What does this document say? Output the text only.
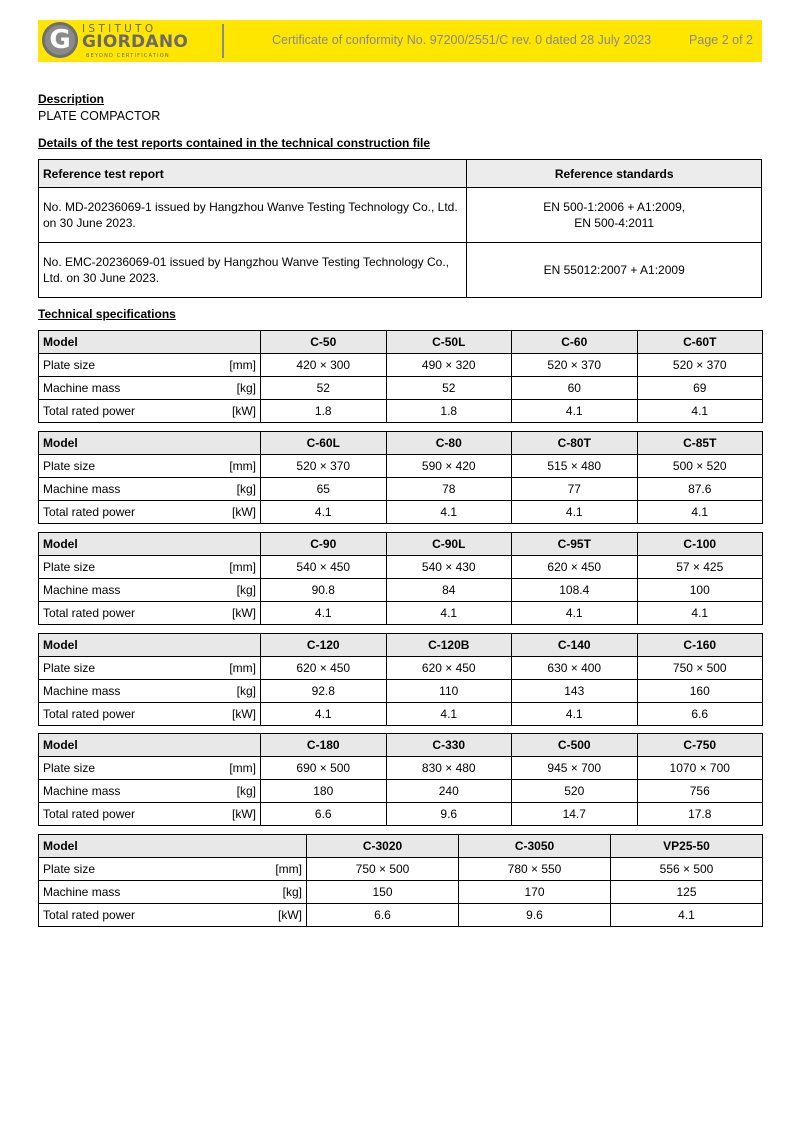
G	ISTITUTO
GIORDANO
BEYOND CERTIFICATION
Certificate of conformity No. 97200/2551/C rev. 0 dated 28 July 2023	Page 2 of 2
Description
PLATE COMPACTOR
Details of the test reports contained in the technical construction file
Reference test report	Reference standards
No. MD-20236069-1 issued by Hangzhou Wanve Testing Technology Co., Ltd.
on 30 June 2023.	EN 500-1:2006 + A1:2009,
EN 500-4:2011
No. EMC-20236069-01 issued by Hangzhou Wanve Testing Technology Co.,
Ltd. on 30 June 2023.	EN 55012:2007 + A1:2009
Technical specifications
Model	C-50	C-50L	C-60	C-60T
Plate size [mm]	420 × 300	490 × 320	520 × 370	520 × 370
Machine mass [kg]	52	52	60	69
Total rated power [kW]	1.8	1.8	4.1	4.1
Model	C-60L	C-80	C-80T	C-85T
Plate size [mm]	520 × 370	590 × 420	515 × 480	500 × 520
Machine mass [kg]	65	78	77	87.6
Total rated power [kW]	4.1	4.1	4.1	4.1
Model	C-90	C-90L	C-95T	C-100
Plate size [mm]	540 × 450	540 × 430	620 × 450	57 × 425
Machine mass [kg]	90.8	84	108.4	100
Total rated power [kW]	4.1	4.1	4.1	4.1
Model	C-120	C-120B	C-140	C-160
Plate size [mm]	620 × 450	620 × 450	630 × 400	750 × 500
Machine mass [kg]	92.8	110	143	160
Total rated power [kW]	4.1	4.1	4.1	6.6
Model	C-180	C-330	C-500	C-750
Plate size [mm]	690 × 500	830 × 480	945 × 700	1070 × 700
Machine mass [kg]	180	240	520	756
Total rated power [kW]	6.6	9.6	14.7	17.8
Model	C-3020	C-3050	VP25-50
Plate size [mm]	750 × 500	780 × 550	556 × 500
Machine mass [kg]	150	170	125
Total rated power [kW]	6.6	9.6	4.1
